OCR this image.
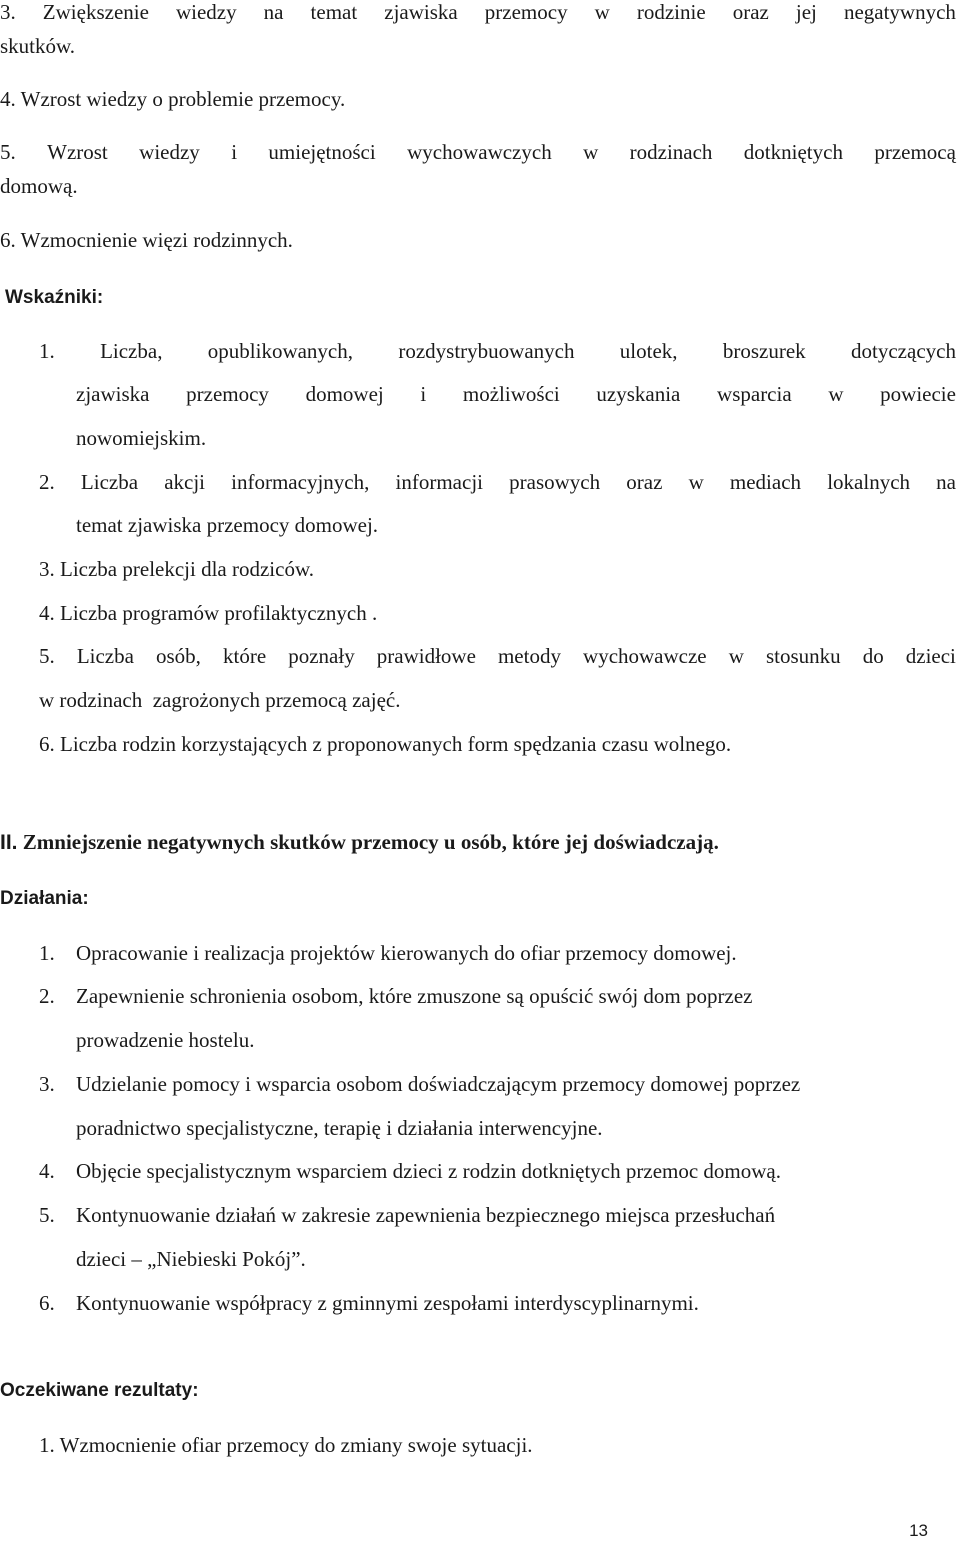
3. Zwiększenie wiedzy na temat zjawiska przemocy w rodzinie oraz jej negatywnych
skutków.
4. Wzrost wiedzy o problemie przemocy.
5. Wzrost wiedzy i umiejętności wychowawczych w rodzinach dotkniętych przemocą
domową.
6. Wzmocnienie więzi rodzinnych.
Wskaźniki:
1. Liczba, opublikowanych, rozdystrybuowanych ulotek, broszurek dotyczących
zjawiska przemocy domowej i możliwości uzyskania wsparcia w powiecie
nowomiejskim.
2. Liczba akcji informacyjnych, informacji prasowych oraz w mediach lokalnych na
temat zjawiska przemocy domowej.
3. Liczba prelekcji dla rodziców.
4. Liczba programów profilaktycznych .
5. Liczba osób, które poznały prawidłowe metody wychowawcze w stosunku do dzieci
w rodzinach  zagrożonych przemocą zajęć.
6. Liczba rodzin korzystających z proponowanych form spędzania czasu wolnego.
II. Zmniejszenie negatywnych skutków przemocy u osób, które jej doświadczają.
Działania:
1. Opracowanie i realizacja projektów kierowanych do ofiar przemocy domowej.
2. Zapewnienie schronienia osobom, które zmuszone są opuścić swój dom poprzez
prowadzenie hostelu.
3. Udzielanie pomocy i wsparcia osobom doświadczającym przemocy domowej poprzez
poradnictwo specjalistyczne, terapię i działania interwencyjne.
4. Objęcie specjalistycznym wsparciem dzieci z rodzin dotkniętych przemoc domową.
5. Kontynuowanie działań w zakresie zapewnienia bezpiecznego miejsca przesłuchań
dzieci – „Niebieski Pokój”.
6. Kontynuowanie współpracy z gminnymi zespołami interdyscyplinarnymi.
Oczekiwane rezultaty:
1. Wzmocnienie ofiar przemocy do zmiany swoje sytuacji.
13
